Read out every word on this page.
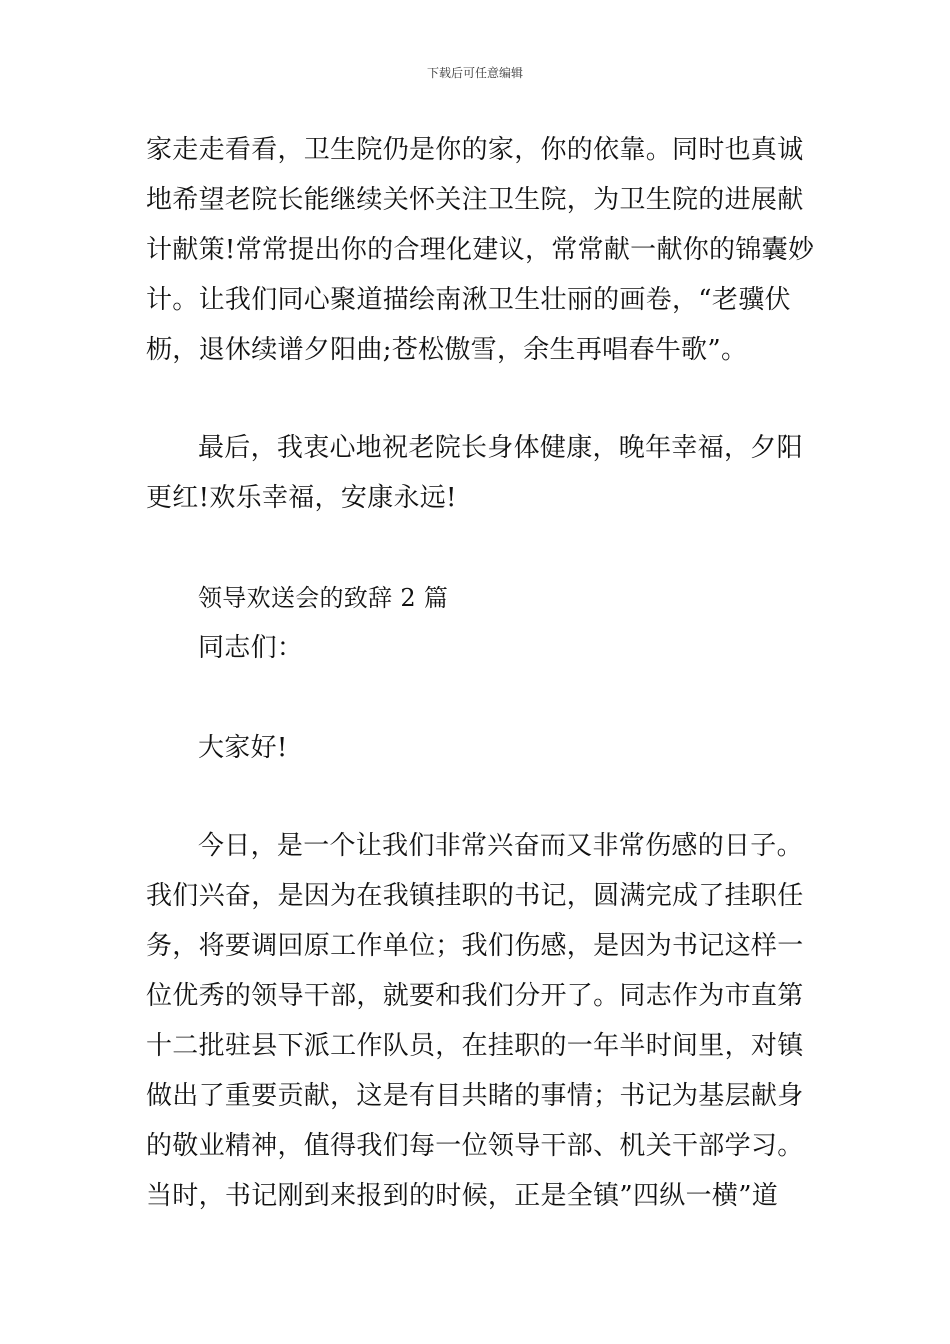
下载后可任意编辑
家走走看看，卫生院仍是你的家，你的依靠。同时也真诚
地希望老院长能继续关怀关注卫生院，为卫生院的进展献
计献策!常常提出你的合理化建议，常常献一献你的锦囊妙
计。让我们同心聚道描绘南湫卫生壮丽的画卷，“老骥伏
枥，退休续谱夕阳曲;苍松傲雪，余生再唱春牛歌”。
最后，我衷心地祝老院长身体健康，晚年幸福，夕阳
更红!欢乐幸福，安康永远!
领导欢送会的致辞 2 篇
同志们：
大家好!
今日，是一个让我们非常兴奋而又非常伤感的日子。
我们兴奋，是因为在我镇挂职的书记，圆满完成了挂职任
务，将要调回原工作单位；我们伤感，是因为书记这样一
位优秀的领导干部，就要和我们分开了。同志作为市直第
十二批驻县下派工作队员，在挂职的一年半时间里，对镇
做出了重要贡献，这是有目共睹的事情；书记为基层献身
的敬业精神，值得我们每一位领导干部、机关干部学习。
当时，书记刚到来报到的时候，正是全镇”四纵一横”道
